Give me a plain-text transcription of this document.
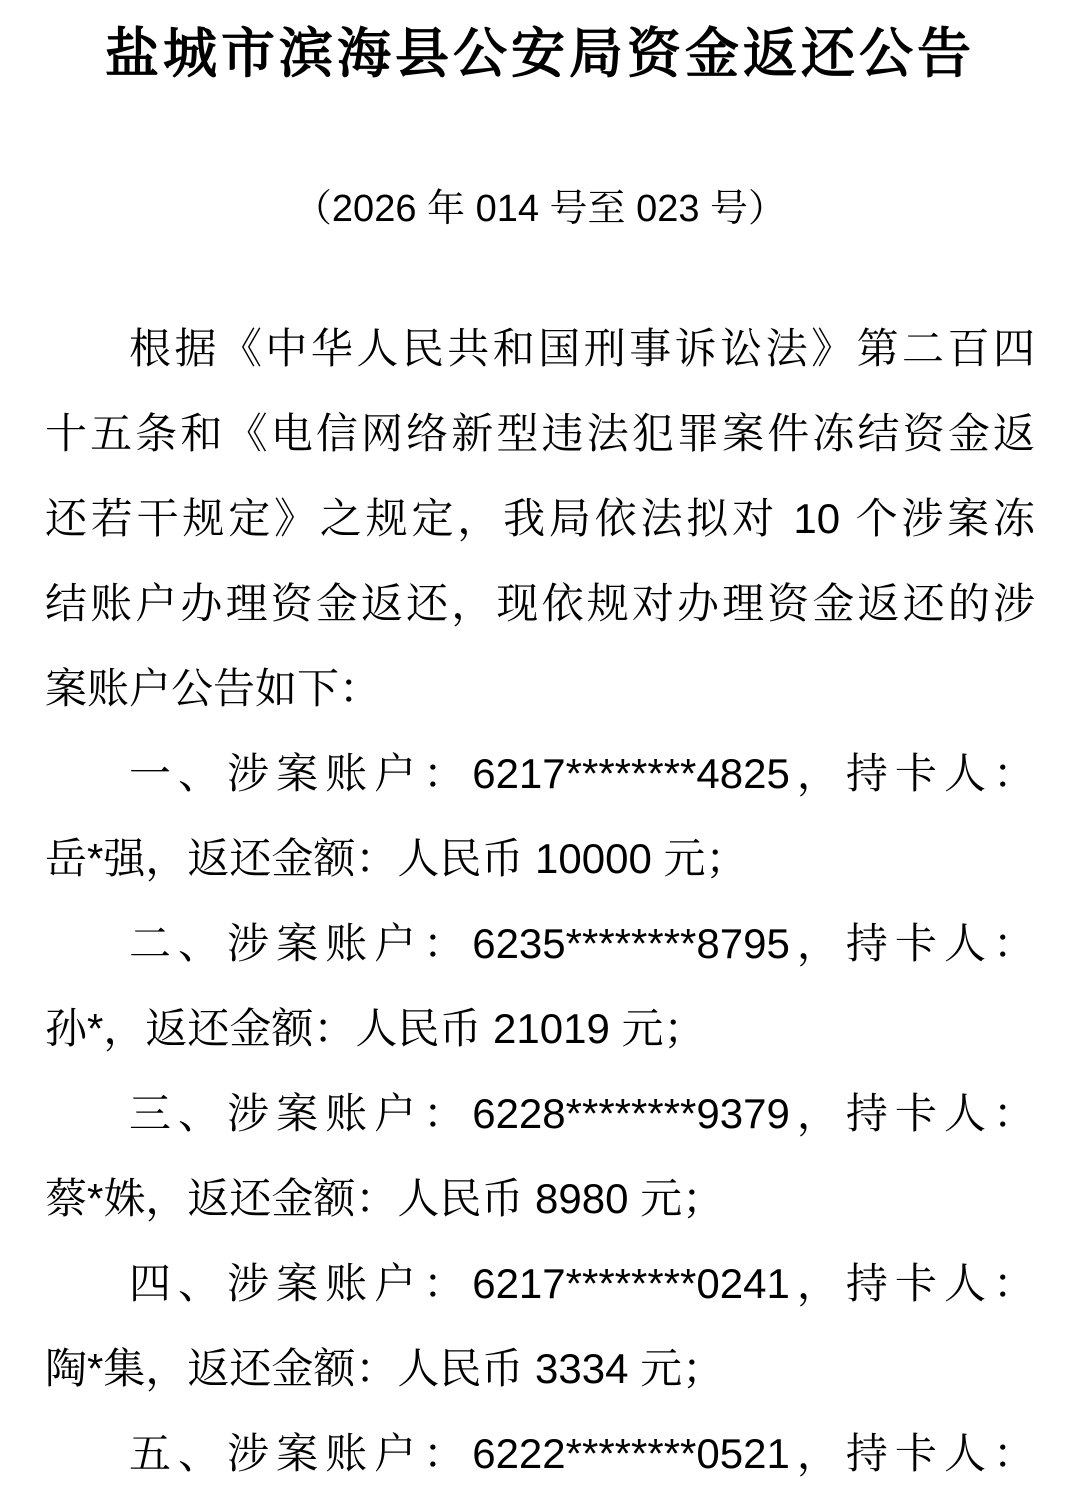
盐城市滨海县公安局资金返还公告
（2026 年 014 号至 023 号）
根据《中华人民共和国刑事诉讼法》第二百四
十五条和《电信网络新型违法犯罪案件冻结资金返
还若干规定》之规定，我局依法拟对 10 个涉案冻
结账户办理资金返还，现依规对办理资金返还的涉
案账户公告如下：
一、涉案账户：6217********4825，持卡人：
岳*强，返还金额：人民币 10000 元；
二、涉案账户：6235********8795，持卡人：
孙*，返还金额：人民币 21019 元；
三、涉案账户：6228********9379，持卡人：
蔡*姝，返还金额：人民币 8980 元；
四、涉案账户：6217********0241，持卡人：
陶*集，返还金额：人民币 3334 元；
五、涉案账户：6222********0521，持卡人：
